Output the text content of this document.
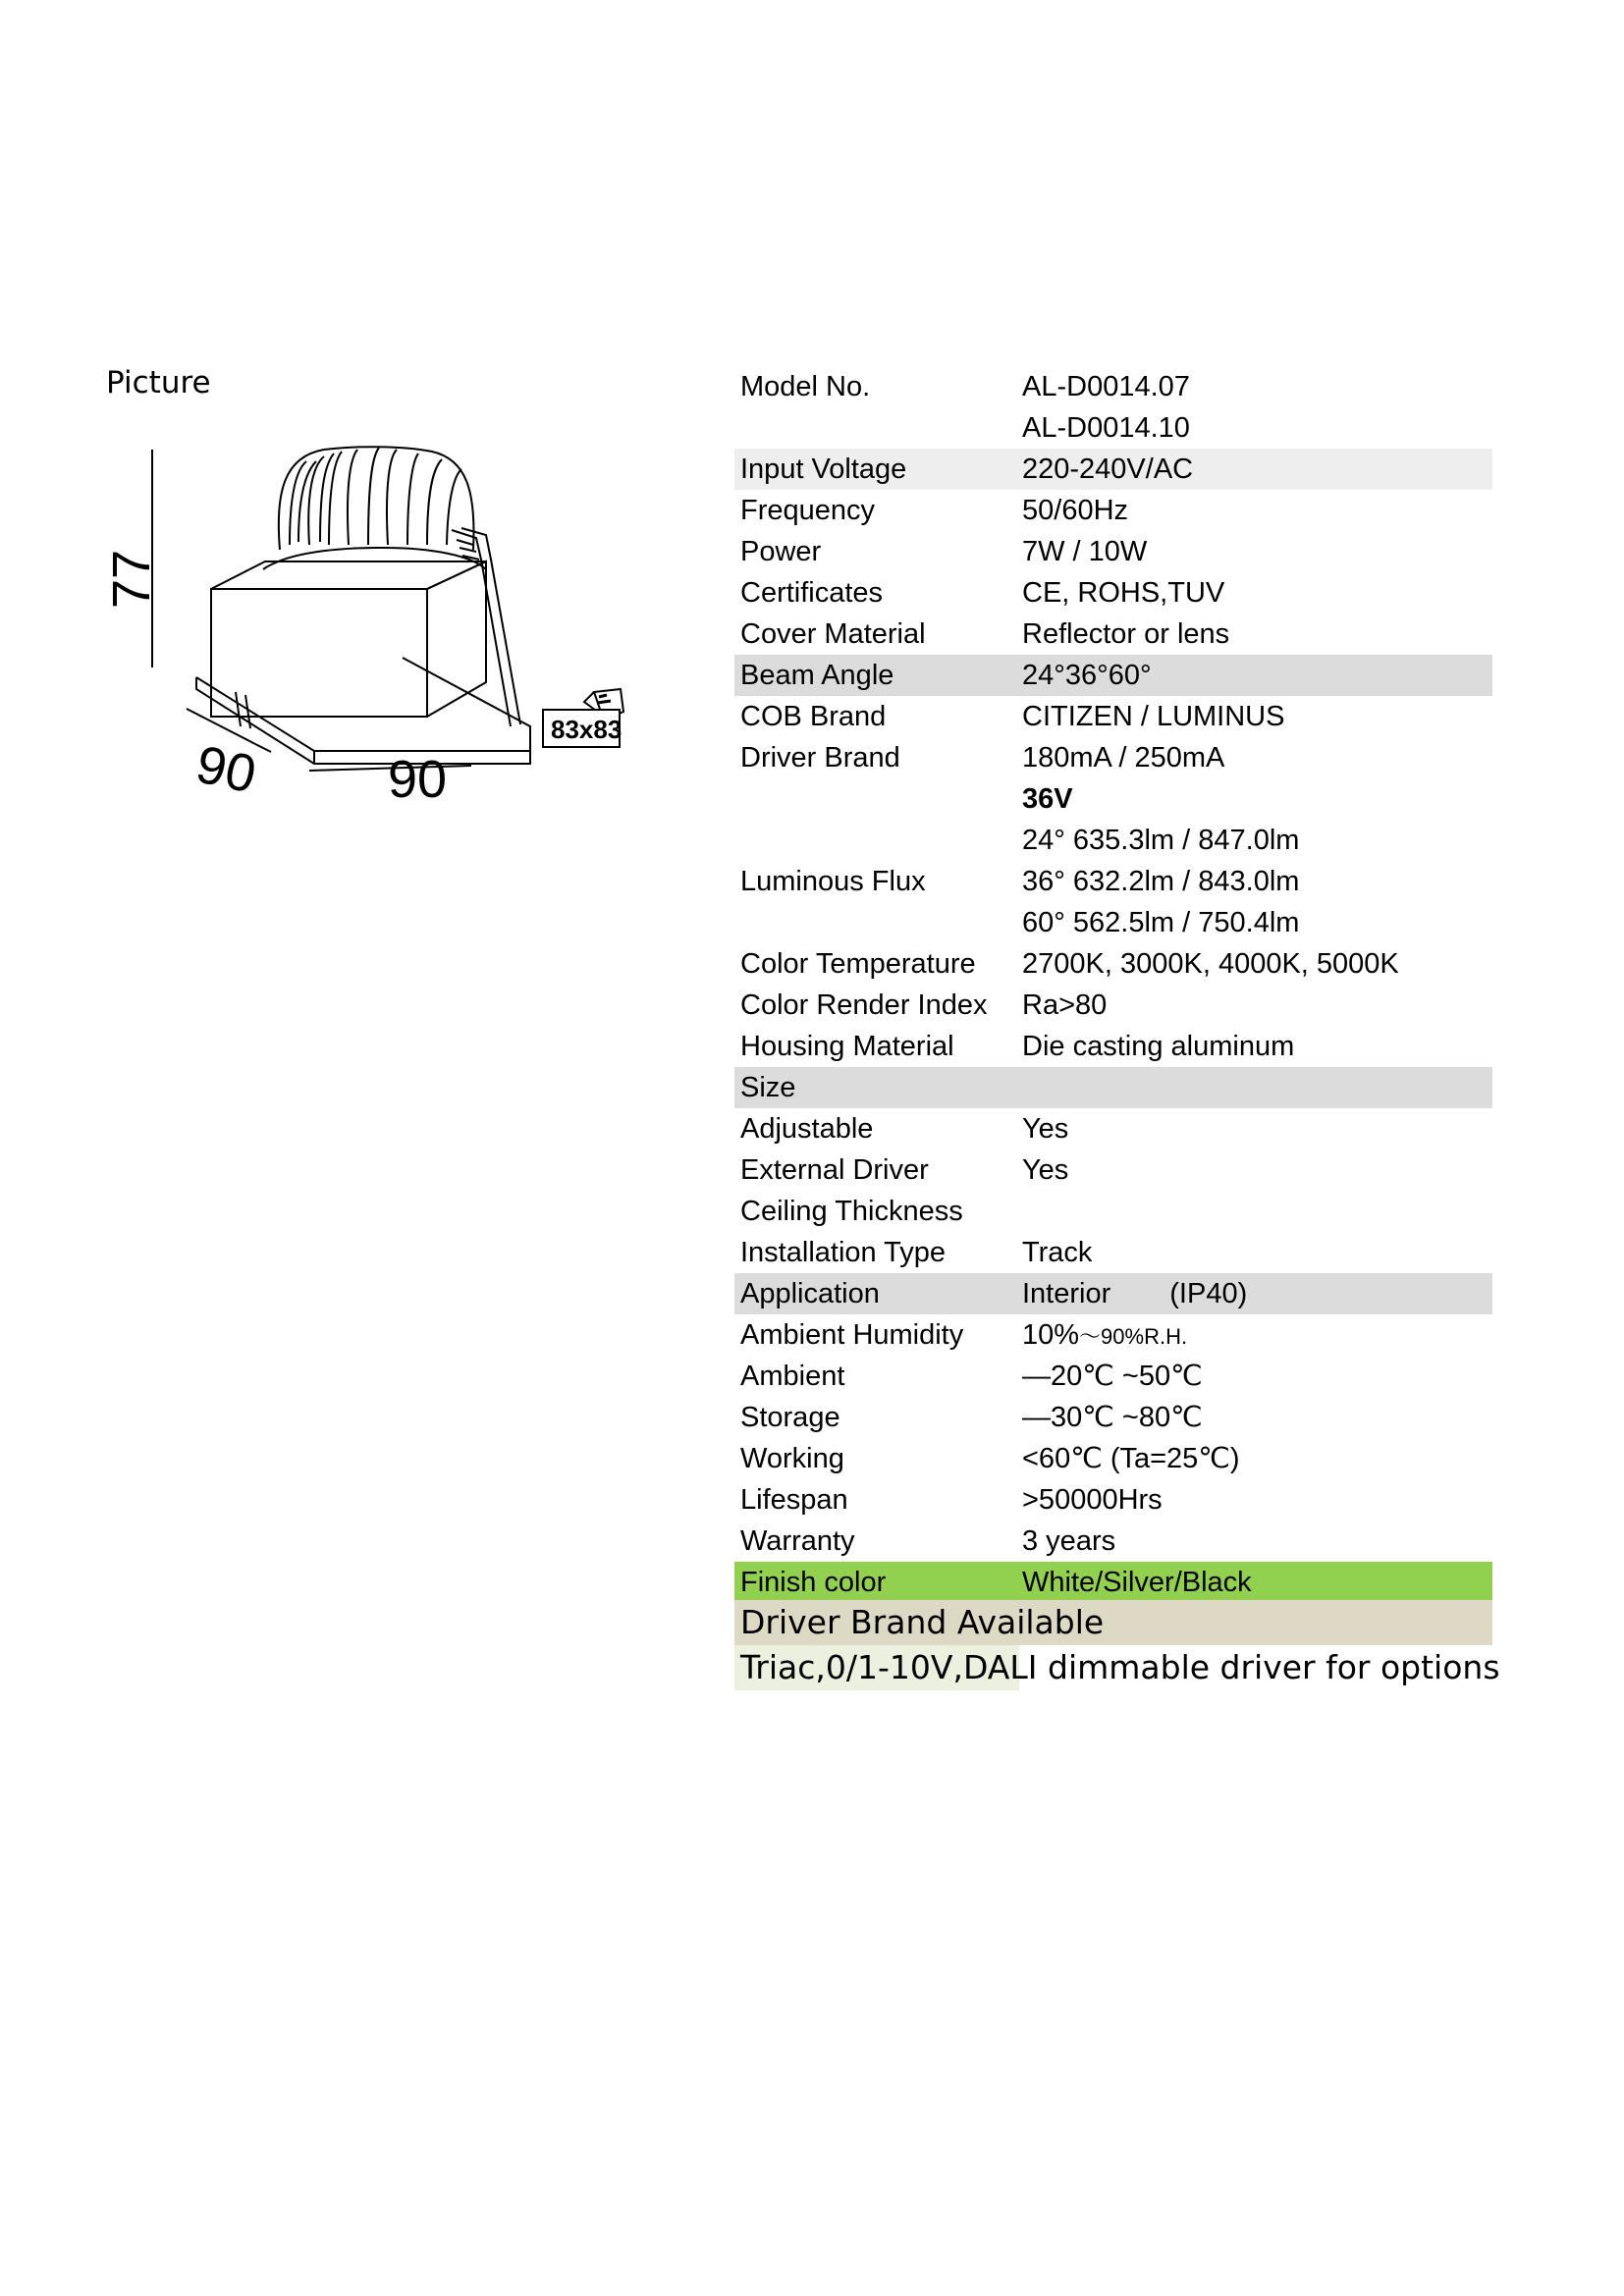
Picture
77
90 90
83x83
Model No.	AL-D0014.07
AL-D0014.10
Input Voltage	220-240V/AC
Frequency	50/60Hz
Power	7W / 10W
Certificates	CE, ROHS,TUV
Cover Material	Reflector or lens
Beam Angle	24°36°60°
COB Brand	CITIZEN / LUMINUS
Driver Brand	180mA / 250mA
36V
24° 635.3lm / 847.0lm
Luminous Flux	36° 632.2lm / 843.0lm
60° 562.5lm / 750.4lm
Color Temperature 2700K, 3000K, 4000K, 5000K
Color Render Index Ra>80
Housing Material Die casting aluminum
Size
Adjustable	Yes
External Driver	Yes
Ceiling Thickness
Installation Type	Track
Application	Interior (IP40)
Ambient Humidity 10%～90%R.H.
Ambient	—20℃ ~50℃
Storage	—30℃ ~80℃
Working	<60℃ (Ta=25℃)
Lifespan	>50000Hrs
Warranty	3 years
Finish color	White/Silver/Black
Driver Brand Available
Triac,0/1-10V,DALI dimmable driver for options
